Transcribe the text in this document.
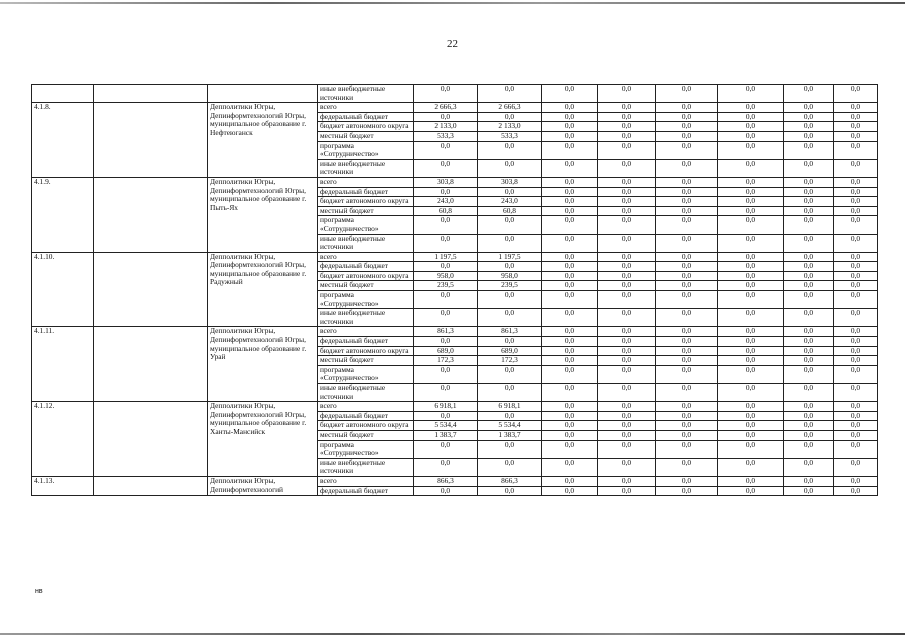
22
			иные внебюджетные источники	0,0	0,0	0,0	0,0	0,0	0,0	0,0	0,0
4.1.8.		Депполитики Югры, Депинформтехнологий Югры, муниципальное образование г. Нефтеюганск	всего	2 666,3	2 666,3	0,0	0,0	0,0	0,0	0,0	0,0
			федеральный бюджет	0,0	0,0	0,0	0,0	0,0	0,0	0,0	0,0
			бюджет автономного округа	2 133,0	2 133,0	0,0	0,0	0,0	0,0	0,0	0,0
			местный бюджет	533,3	533,3	0,0	0,0	0,0	0,0	0,0	0,0
			программа «Сотрудничество»	0,0	0,0	0,0	0,0	0,0	0,0	0,0	0,0
			иные внебюджетные источники	0,0	0,0	0,0	0,0	0,0	0,0	0,0	0,0
4.1.9.		Депполитики Югры, Депинформтехнологий Югры, муниципальное образование г. Пыть-Ях	всего	303,8	303,8	0,0	0,0	0,0	0,0	0,0	0,0
			федеральный бюджет	0,0	0,0	0,0	0,0	0,0	0,0	0,0	0,0
			бюджет автономного округа	243,0	243,0	0,0	0,0	0,0	0,0	0,0	0,0
			местный бюджет	60,8	60,8	0,0	0,0	0,0	0,0	0,0	0,0
			программа «Сотрудничество»	0,0	0,0	0,0	0,0	0,0	0,0	0,0	0,0
			иные внебюджетные источники	0,0	0,0	0,0	0,0	0,0	0,0	0,0	0,0
4.1.10.		Депполитики Югры, Депинформтехнологий Югры, муниципальное образование г. Радужный	всего	1 197,5	1 197,5	0,0	0,0	0,0	0,0	0,0	0,0
			федеральный бюджет	0,0	0,0	0,0	0,0	0,0	0,0	0,0	0,0
			бюджет автономного округа	958,0	958,0	0,0	0,0	0,0	0,0	0,0	0,0
			местный бюджет	239,5	239,5	0,0	0,0	0,0	0,0	0,0	0,0
			программа «Сотрудничество»	0,0	0,0	0,0	0,0	0,0	0,0	0,0	0,0
			иные внебюджетные источники	0,0	0,0	0,0	0,0	0,0	0,0	0,0	0,0
4.1.11.		Депполитики Югры, Депинформтехнологий Югры, муниципальное образование г. Урай	всего	861,3	861,3	0,0	0,0	0,0	0,0	0,0	0,0
			федеральный бюджет	0,0	0,0	0,0	0,0	0,0	0,0	0,0	0,0
			бюджет автономного округа	689,0	689,0	0,0	0,0	0,0	0,0	0,0	0,0
			местный бюджет	172,3	172,3	0,0	0,0	0,0	0,0	0,0	0,0
			программа «Сотрудничество»	0,0	0,0	0,0	0,0	0,0	0,0	0,0	0,0
			иные внебюджетные источники	0,0	0,0	0,0	0,0	0,0	0,0	0,0	0,0
4.1.12.		Депполитики Югры, Депинформтехнологий Югры, муниципальное образование г. Ханты-Мансийск	всего	6 918,1	6 918,1	0,0	0,0	0,0	0,0	0,0	0,0
			федеральный бюджет	0,0	0,0	0,0	0,0	0,0	0,0	0,0	0,0
			бюджет автономного округа	5 534,4	5 534,4	0,0	0,0	0,0	0,0	0,0	0,0
			местный бюджет	1 383,7	1 383,7	0,0	0,0	0,0	0,0	0,0	0,0
			программа «Сотрудничество»	0,0	0,0	0,0	0,0	0,0	0,0	0,0	0,0
			иные внебюджетные источники	0,0	0,0	0,0	0,0	0,0	0,0	0,0	0,0
4.1.13.		Депполитики Югры, Депинформтехнологий	всего	866,3	866,3	0,0	0,0	0,0	0,0	0,0	0,0
			федеральный бюджет	0,0	0,0	0,0	0,0	0,0	0,0	0,0	0,0
нв
